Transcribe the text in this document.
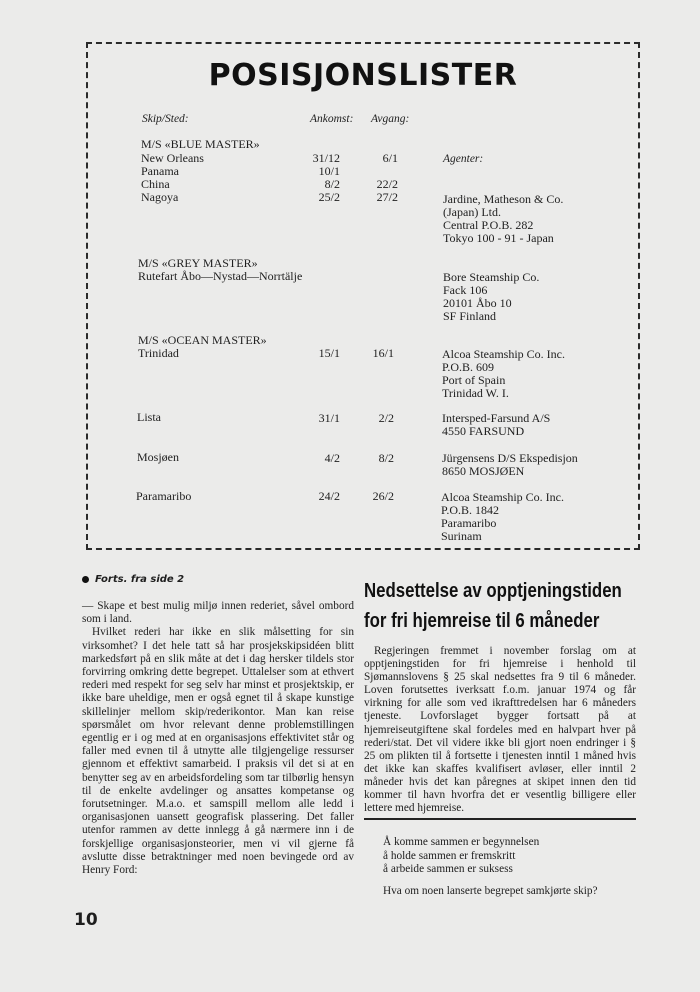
POSISJONSLISTER
Skip/Sted:	Ankomst: Avgang:
M/S «BLUE MASTER»
New Orleans	31/12	6/1	Agenter:
Panama	10/1
China	8/2	22/2
Nagoya	25/2	27/2	Jardine, Matheson & Co.
(Japan) Ltd.
Central P.O.B. 282
Tokyo 100 - 91 - Japan
M/S «GREY MASTER»
Rutefart Åbo—Nystad—Norrtälje	Bore Steamship Co.
Fack 106
20101 Åbo 10
SF Finland
M/S «OCEAN MASTER»
Trinidad	15/1	16/1	Alcoa Steamship Co. Inc.
P.O.B. 609
Port of Spain
Trinidad W. I.
Lista	31/1	2/2	Intersped-Farsund A/S
4550 FARSUND
Mosjøen	4/2	8/2	Jürgensens D/S Ekspedisjon
8650 MOSJØEN
Paramaribo	24/2	26/2	Alcoa Steamship Co. Inc.
P.O.B. 1842
Paramaribo
Surinam
Forts. fra side 2

— Skape et best mulig miljø innen rederiet, såvel ombord som i land.

Hvilket rederi har ikke en slik målsetting for sin virksomhet? I det hele tatt så har prosjekskipsidéen blitt markedsført på en slik måte at det i dag hersker tildels stor forvirring omkring dette begrepet. Uttalelser som at ethvert rederi med respekt for seg selv har minst et prosjektskip, er ikke bare uheldige, men er også egnet til å skape kunstige skillelinjer mellom skip/rederikontor. Man kan reise spørsmålet om hvor relevant denne problemstillingen egentlig er i og med at en organisasjons effektivitet står og faller med evnen til å utnytte alle tilgjengelige ressurser gjennom et effektivt samarbeid. I praksis vil det si at en benytter seg av en arbeidsfordeling som tar tilbørlig hensyn til de enkelte avdelinger og ansattes kompetanse og forutsetninger. M.a.o. et samspill mellom alle ledd i organisasjonen uansett geografisk plassering. Det faller utenfor rammen av dette innlegg å gå nærmere inn i de forskjellige organisasjonsteorier, men vi vil gjerne få avslutte disse betraktninger med noen bevingede ord av Henry Ford:

Nedsettelse av opptjeningstiden
for fri hjemreise til 6 måneder

Regjeringen fremmet i november forslag om at opptjeningstiden for fri hjemreise i henhold til Sjømannslovens § 25 skal nedsettes fra 9 til 6 måneder. Loven forutsettes iverksatt f.o.m. januar 1974 og får virkning for alle som ved ikrafttredelsen har 6 måneders tjeneste. Lovforslaget bygger fortsatt på at hjemreiseutgiftene skal fordeles med en halvpart hver på rederi/stat. Det vil videre ikke bli gjort noen endringer i § 25 om plikten til å fortsette i tjenesten inntil 1 måned hvis det ikke kan skaffes kvalifisert avløser, eller inntil 2 måneder hvis det kan påregnes at skipet innen den tid kommer til havn hvorfra det er vesentlig billigere eller lettere med hjemreise.

Å komme sammen er begynnelsen
å holde sammen er fremskritt
å arbeide sammen er suksess
Hva om noen lanserte begrepet samkjørte skip?
10
